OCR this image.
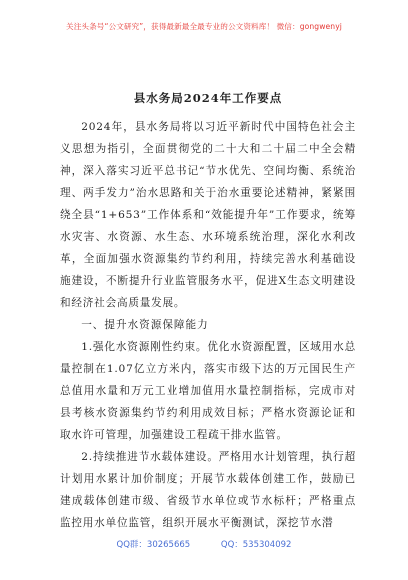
关注头条号“公文研究”，获得最新最全最专业的公文资料库！ 微信：gongwenyj
县水务局2024年工作要点

2024年，县水务局将以习近平新时代中国特色社会主义思想为指引，全面贯彻党的二十大和二十届二中全会精神，深入落实习近平总书记“节水优先、空间均衡、系统治理、两手发力”治水思路和关于治水重要论述精神，紧紧围绕全县“1+653”工作体系和“效能提升年”工作要求，统筹水灾害、水资源、水生态、水环境系统治理，深化水利改革，全面加强水资源集约节约利用，持续完善水利基础设施建设，不断提升行业监管服务水平，促进X生态文明建设和经济社会高质量发展。

一、提升水资源保障能力

1.强化水资源刚性约束。优化水资源配置，区域用水总量控制在1.07亿立方米内，落实市级下达的万元国民生产总值用水量和万元工业增加值用水量控制指标，完成市对县考核水资源集约节约利用成效目标；严格水资源论证和取水许可管理，加强建设工程疏干排水监管。

2.持续推进节水载体建设。严格用水计划管理，执行超计划用水累计加价制度；开展节水载体创建工作，鼓励已建成载体创建市级、省级节水单位或节水标杆；严格重点监控用水单位监管，组织开展水平衡测试，深挖节水潜

QQ群：30265665	QQ：535304092
